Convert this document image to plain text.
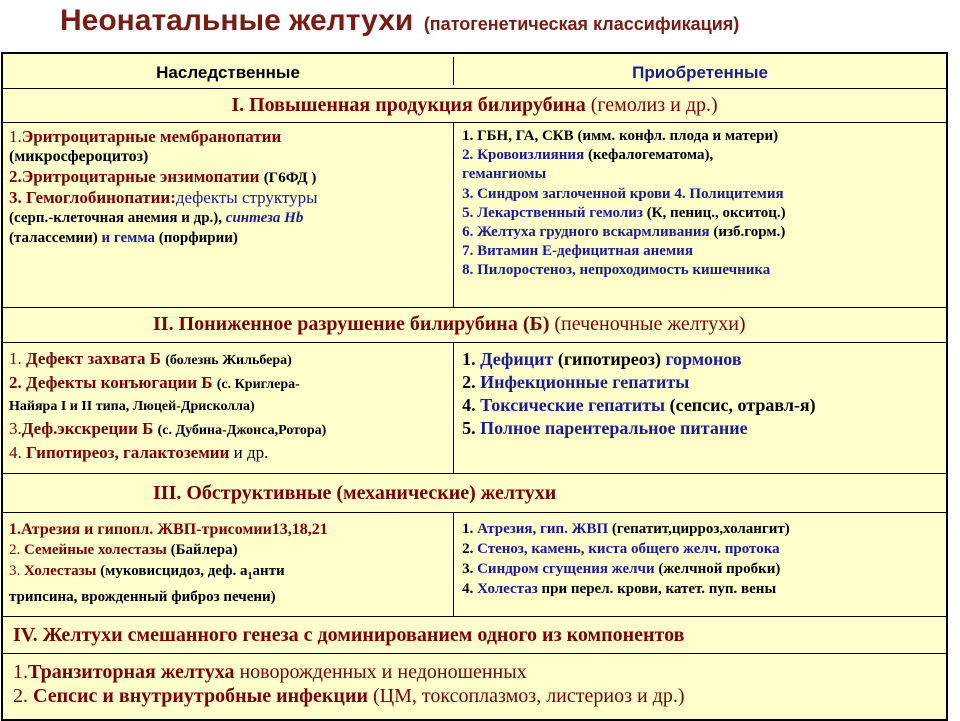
Неонатальные желтухи (патогенетическая классификация)
Наследственные	Приобретенные
I. Повышенная продукция билирубина (гемолиз и др.)
1.Эритроцитарные мембранопатии
(микросфероцитоз)
2.Эритроцитарные энзимопатии (Г6ФД )
3. Гемоглобинопатии:дефекты структуры
(серп.-клеточная анемия и др.), синтеза Hb
(талассемии) и гемма (порфирии)
1. ГБН, ГА, СКВ (имм. конфл. плода и матери)
2. Кровоизлияния (кефалогематома),
гемангиомы
3. Синдром заглоченной крови 4. Полицитемия
5. Лекарственный гемолиз (К, пениц., окситоц.)
6. Желтуха грудного вскармливания (изб.горм.)
7. Витамин Е-дефицитная анемия
8. Пилоростеноз, непроходимость кишечника
II. Пониженное разрушение билирубина (Б) (печеночные желтухи)
1. Дефект захвата Б (болезнь Жильбера)
2. Дефекты конъюгации Б (с. Криглера-
Найяра I и II типа, Люцей-Дрисколла)
3.Деф.экскреции Б (с. Дубина-Джонса,Ротора)
4. Гипотиреоз, галактоземии и др.
1. Дефицит (гипотиреоз) гормонов
2. Инфекционные гепатиты
4. Токсические гепатиты (сепсис, отравл-я)
5. Полное парентеральное питание
III. Обструктивные (механические) желтухи
1.Атрезия и гипопл. ЖВП-трисомии13,18,21
2. Семейные холестазы (Байлера)
3. Холестазы (муковисцидоз, деф. $a_1анти$
трипсина, врожденный фиброз печени)
1. Атрезия, гип. ЖВП (гепатит,цирроз,холангит)
2. Стеноз, камень, киста общего желч. протока
3. Синдром сгущения желчи (желчной пробки)
4. Холестаз при перел. крови, катет. пуп. вены
IV. Желтухи смешанного генеза с доминированием одного из компонентов
1.Транзиторная желтуха новорожденных и недоношенных
2. Сепсис и внутриутробные инфекции (ЦМ, токсоплазмоз, листериоз и др.)
